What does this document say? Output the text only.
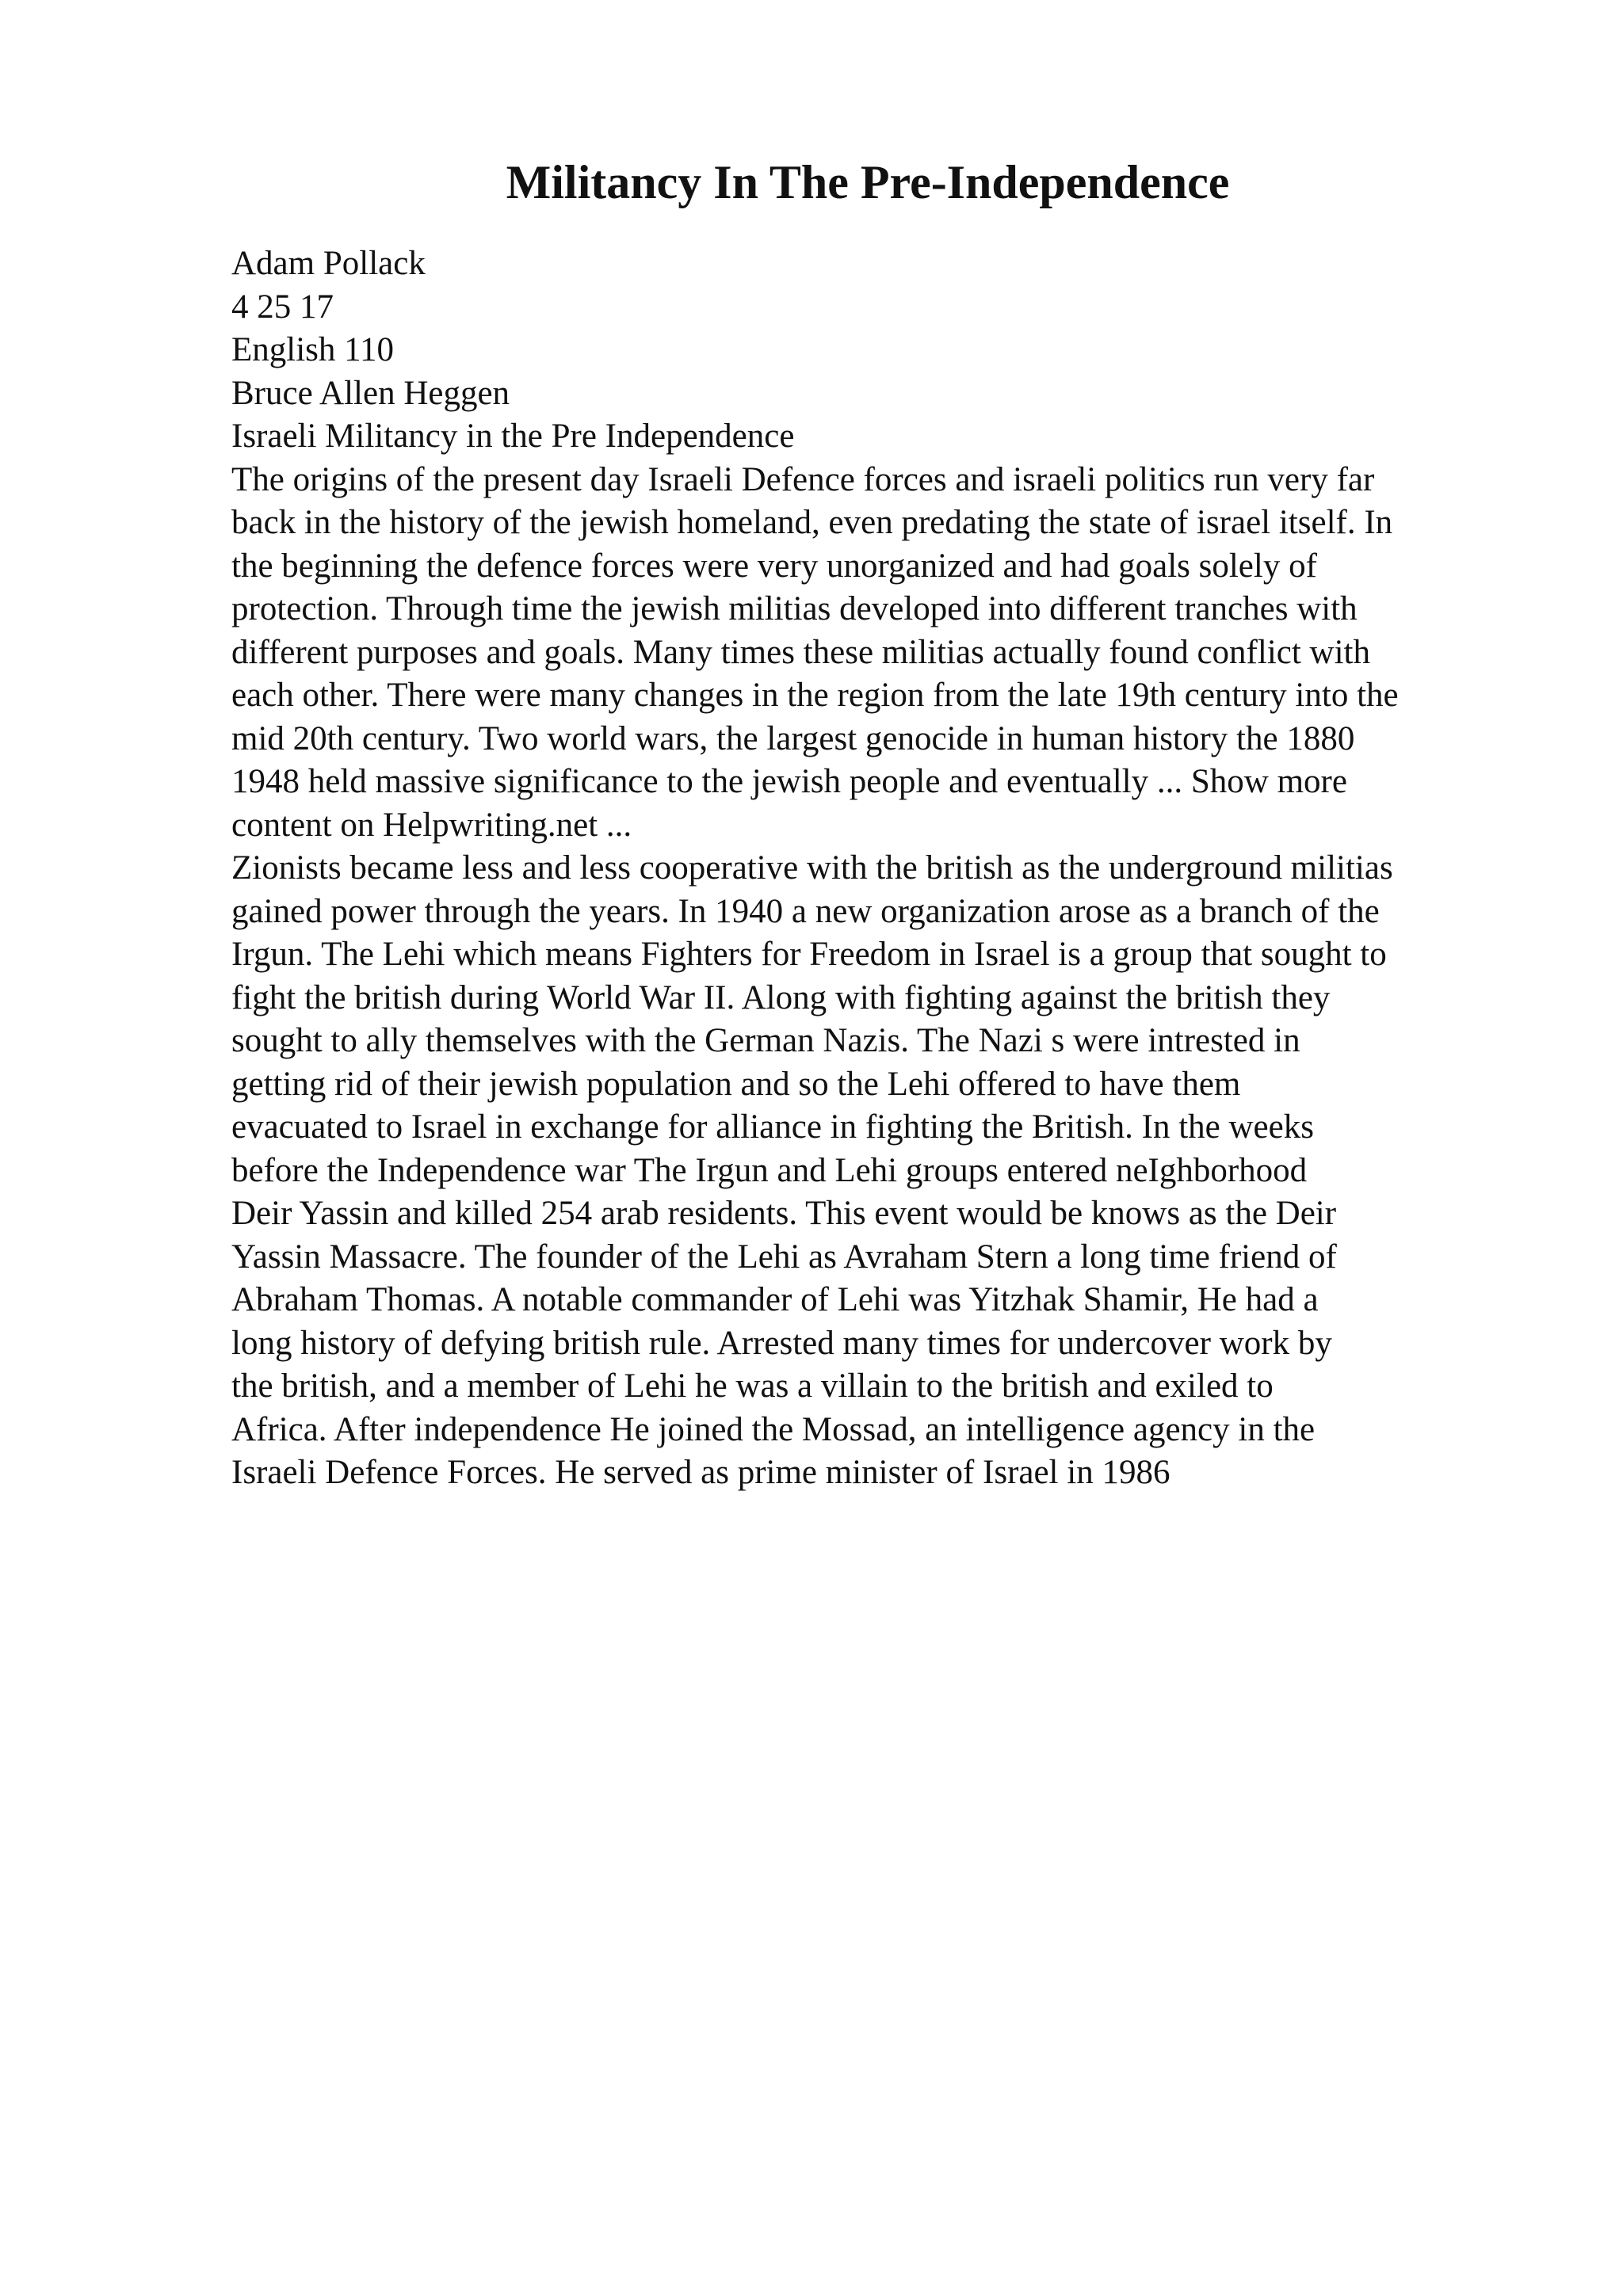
Militancy In The Pre-Independence
Adam Pollack
4 25 17
English 110
Bruce Allen Heggen
Israeli Militancy in the Pre Independence
The origins of the present day Israeli Defence forces and israeli politics run very far
back in the history of the jewish homeland, even predating the state of israel itself. In
the beginning the defence forces were very unorganized and had goals solely of
protection. Through time the jewish militias developed into different tranches with
different purposes and goals. Many times these militias actually found conflict with
each other. There were many changes in the region from the late 19th century into the
mid 20th century. Two world wars, the largest genocide in human history the 1880
1948 held massive significance to the jewish people and eventually ... Show more
content on Helpwriting.net ...
Zionists became less and less cooperative with the british as the underground militias
gained power through the years. In 1940 a new organization arose as a branch of the
Irgun. The Lehi which means Fighters for Freedom in Israel is a group that sought to
fight the british during World War II. Along with fighting against the british they
sought to ally themselves with the German Nazis. The Nazi s were intrested in
getting rid of their jewish population and so the Lehi offered to have them
evacuated to Israel in exchange for alliance in fighting the British. In the weeks
before the Independence war The Irgun and Lehi groups entered neIghborhood
Deir Yassin and killed 254 arab residents. This event would be knows as the Deir
Yassin Massacre. The founder of the Lehi as Avraham Stern a long time friend of
Abraham Thomas. A notable commander of Lehi was Yitzhak Shamir, He had a
long history of defying british rule. Arrested many times for undercover work by
the british, and a member of Lehi he was a villain to the british and exiled to
Africa. After independence He joined the Mossad, an intelligence agency in the
Israeli Defence Forces. He served as prime minister of Israel in 1986
